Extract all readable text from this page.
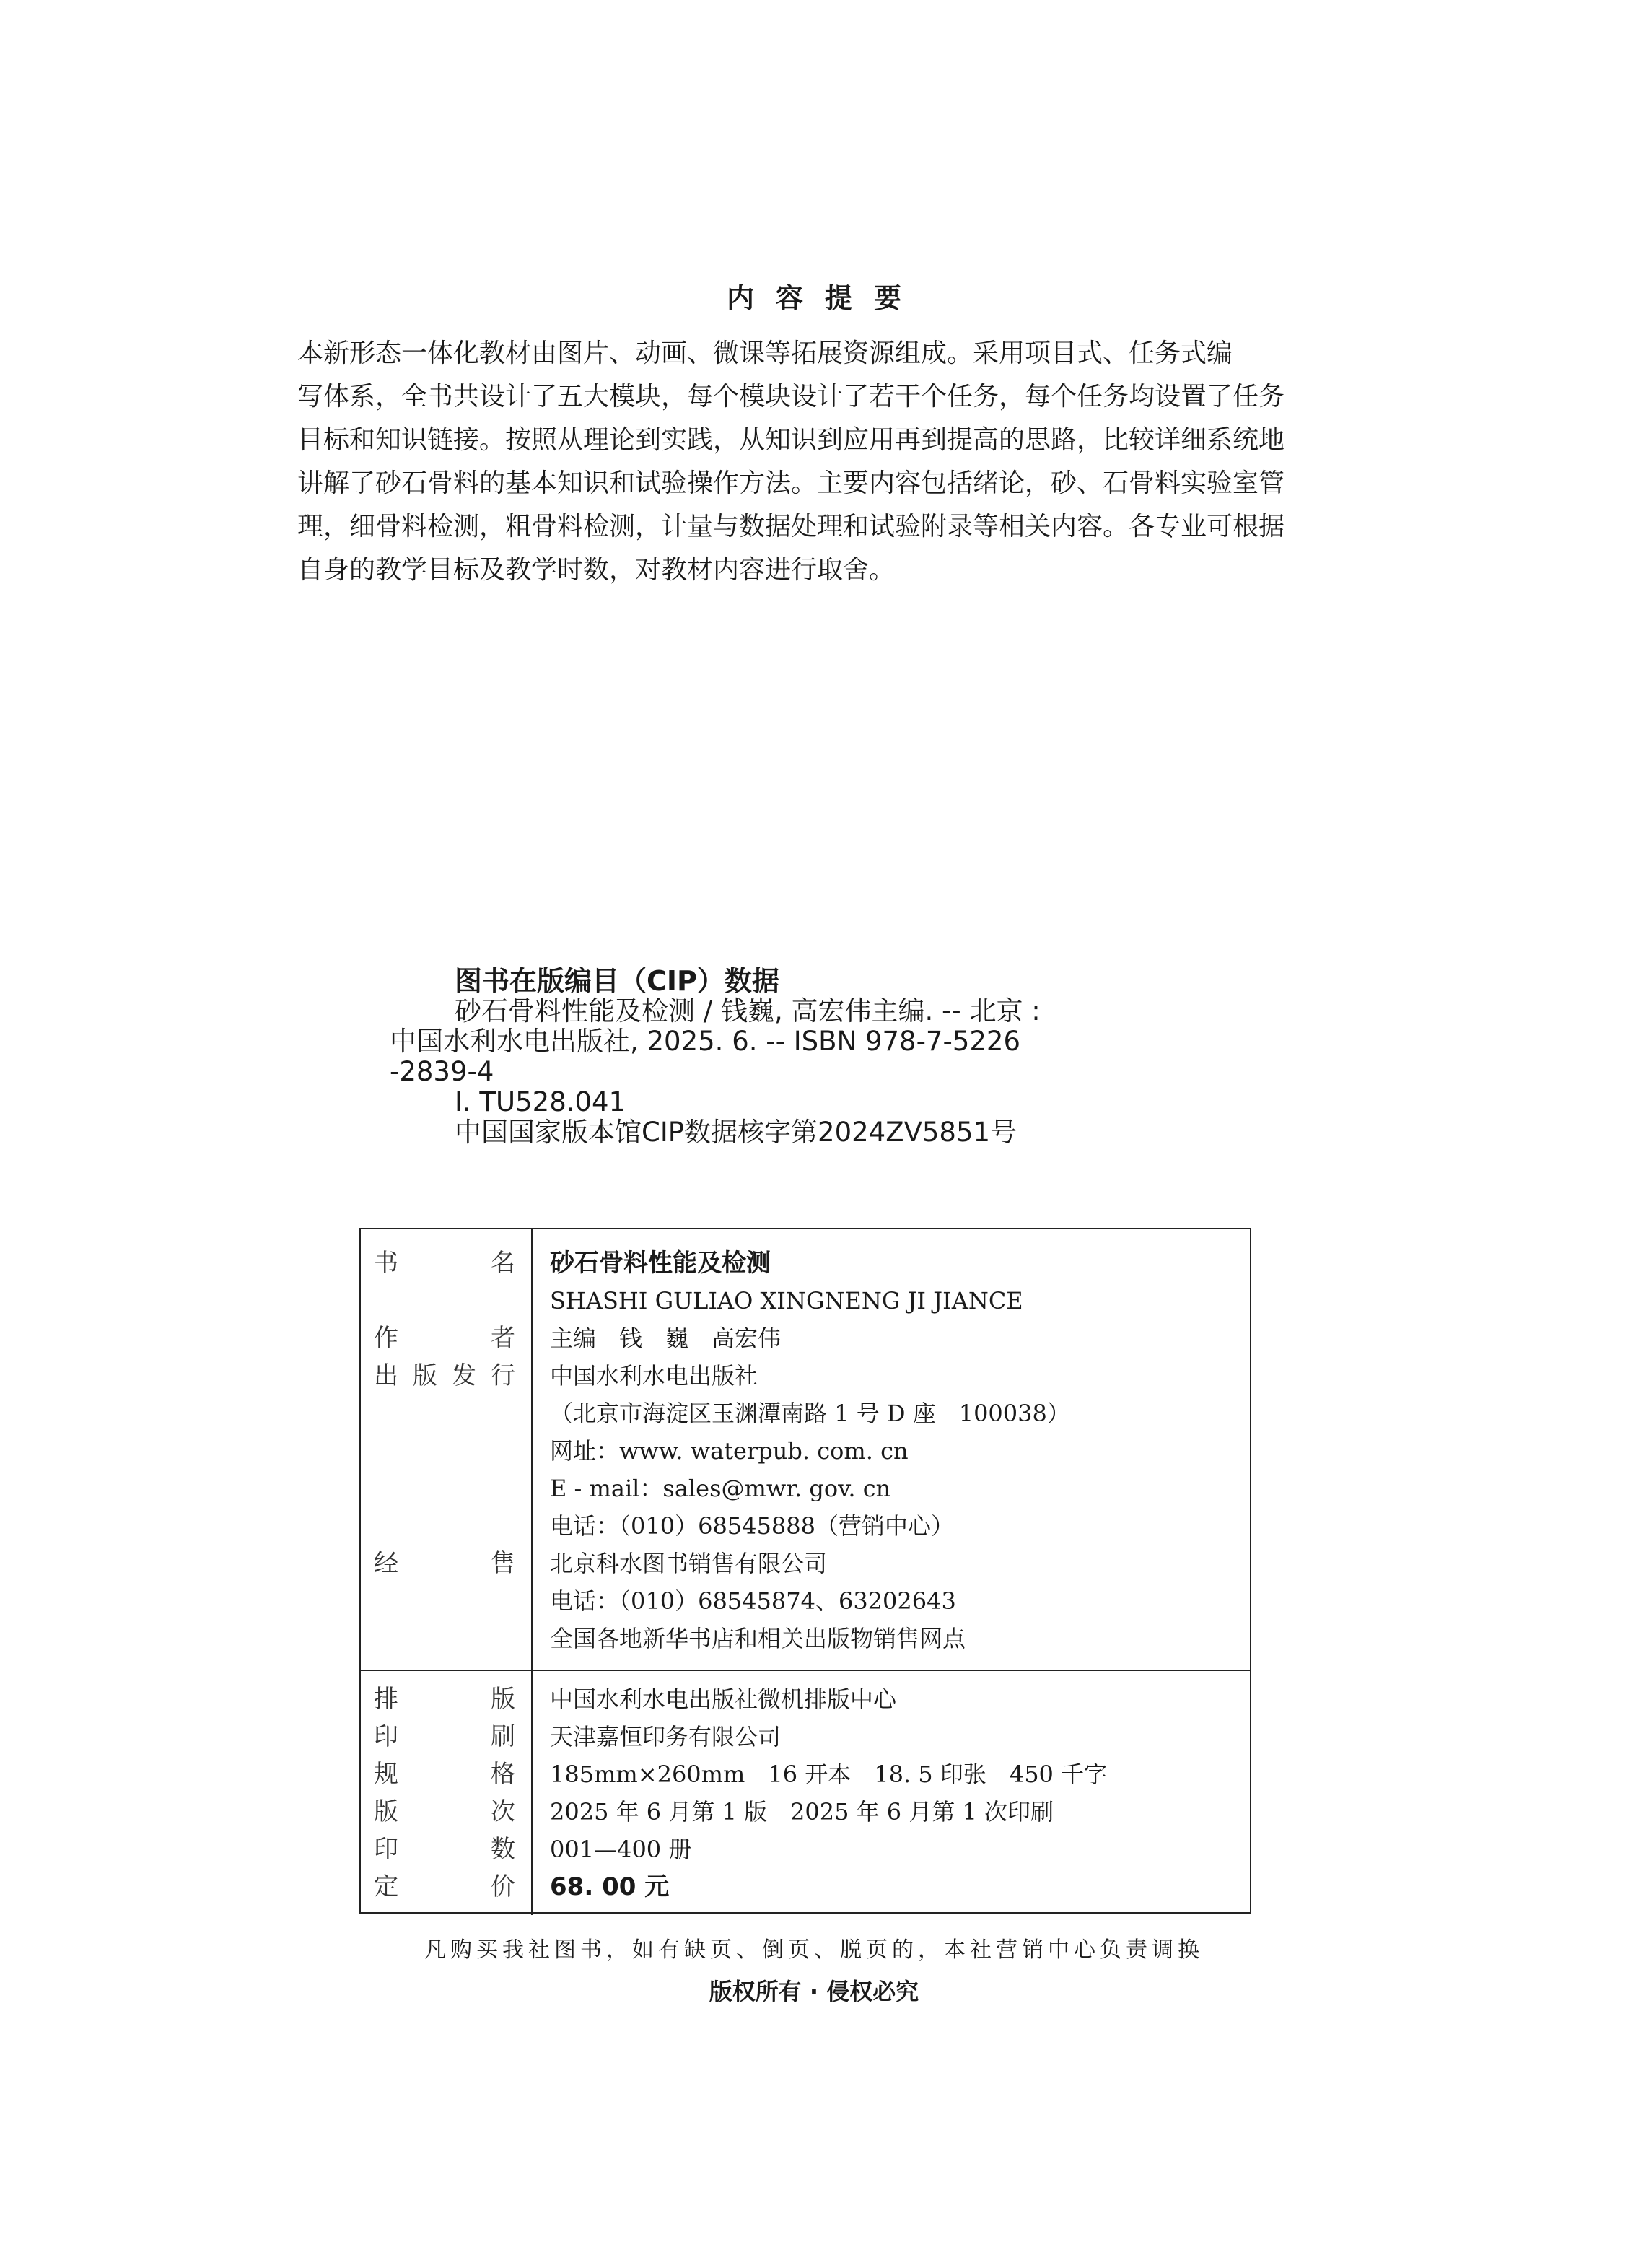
内容提要
本新形态一体化教材由图片、动画、微课等拓展资源组成。采用项目式、任务式编
写体系，全书共设计了五大模块，每个模块设计了若干个任务，每个任务均设置了任务
目标和知识链接。按照从理论到实践，从知识到应用再到提高的思路，比较详细系统地
讲解了砂石骨料的基本知识和试验操作方法。主要内容包括绪论，砂、石骨料实验室管
理，细骨料检测，粗骨料检测，计量与数据处理和试验附录等相关内容。各专业可根据
自身的教学目标及教学时数，对教材内容进行取舍。
图书在版编目（CIP）数据
砂石骨料性能及检测 / 钱巍, 高宏伟主编. -- 北京 :
中国水利水电出版社, 2025. 6. -- ISBN 978-7-5226
-2839-4
Ⅰ. TU528.041
中国国家版本馆CIP数据核字第2024ZV5851号
书	名 砂石骨料性能及检测
SHASHI GULIAO XINGNENG JI JIANCE
作	者 主编　钱　巍　高宏伟
出 版 发 行 中国水利水电出版社
（北京市海淀区玉渊潭南路 1 号 D 座　100038）
网址：www. waterpub. com. cn
E - mail：sales@mwr. gov. cn
电话：（010）68545888（营销中心）
经	售 北京科水图书销售有限公司
电话：（010）68545874、63202643
全国各地新华书店和相关出版物销售网点
排	版 中国水利水电出版社微机排版中心
印	刷 天津嘉恒印务有限公司
规	格 185mm×260mm　16 开本　18. 5 印张　450 千字
版	次 2025 年 6 月第 1 版　2025 年 6 月第 1 次印刷
印	数 001—400 册
定	价 68. 00 元
凡购买我社图书，如有缺页、倒页、脱页的，本社营销中心负责调换
版权所有 · 侵权必究
